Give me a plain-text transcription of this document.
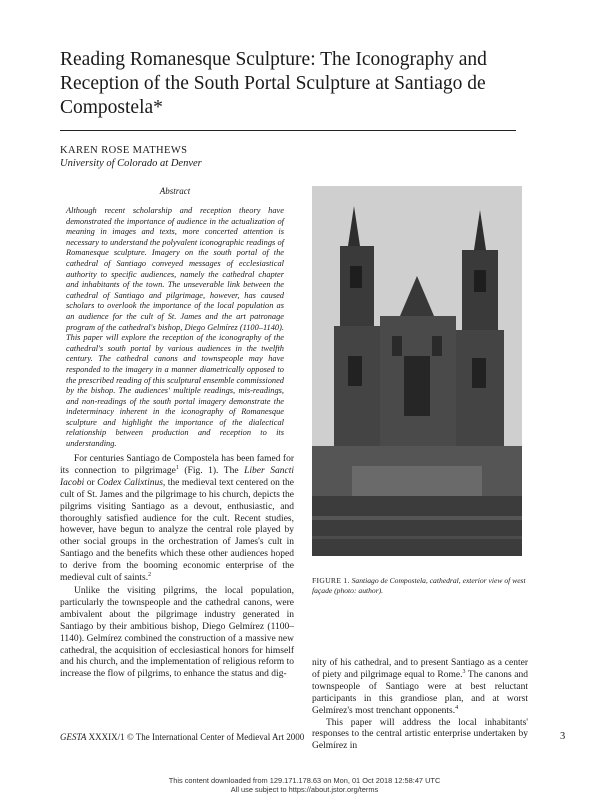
Reading Romanesque Sculpture: The Iconography and Reception of the South Portal Sculpture at Santiago de Compostela*
KAREN ROSE MATHEWS
University of Colorado at Denver
Abstract

Although recent scholarship and reception theory have demonstrated the importance of audience in the actualization of meaning in images and texts, more concerted attention is necessary to understand the polyvalent iconographic readings of Romanesque sculpture. Imagery on the south portal of the cathedral of Santiago conveyed messages of ecclesiastical authority to specific audiences, namely the cathedral chapter and inhabitants of the town. The unseverable link between the cathedral of Santiago and pilgrimage, however, has caused scholars to overlook the importance of the local population as an audience for the cult of St. James and the art patronage program of the cathedral's bishop, Diego Gelmírez (1100–1140). This paper will explore the reception of the iconography of the cathedral's south portal by various audiences in the twelfth century. The cathedral canons and townspeople may have responded to the imagery in a manner diametrically opposed to the prescribed reading of this sculptural ensemble commissioned by the bishop. The audiences' multiple readings, mis-readings, and non-readings of the south portal imagery demonstrate the indeterminacy inherent in the iconography of Romanesque sculpture and highlight the importance of the dialectical relationship between production and reception to its understanding.

For centuries Santiago de Compostela has been famed for its connection to pilgrimage$^1$ (Fig. 1). The Liber Sancti Iacobi or Codex Calixtinus, the medieval text centered on the cult of St. James and the pilgrimage to his church, depicts the pilgrims visiting Santiago as a devout, enthusiastic, and thoroughly satisfied audience for the cult. Recent studies, however, have begun to analyze the central role played by other social groups in the orchestration of James's cult in Santiago and the benefits which these other audiences hoped to derive from the booming economic enterprise of the medieval cult of saints.$^2$

Unlike the visiting pilgrims, the local population, particularly the townspeople and the cathedral canons, were ambivalent about the pilgrimage industry generated in Santiago by their ambitious bishop, Diego Gelmírez (1100–1140). Gelmírez combined the construction of a massive new cathedral, the acquisition of ecclesiastical honors for himself and his church, and the implementation of religious reform to increase the flow of pilgrims, to enhance the status and dig-

FIGURE 1. Santiago de Compostela, cathedral, exterior view of west façade (photo: author).

nity of his cathedral, and to present Santiago as a center of piety and pilgrimage equal to Rome.$^3$ The canons and townspeople of Santiago were at best reluctant participants in this grandiose plan, and at worst Gelmírez's most trenchant opponents.$^4$

This paper will address the local inhabitants' responses to the central artistic enterprise undertaken by Gelmírez in

GESTA XXXIX/1 © The International Center of Medieval Art 2000	3
This content downloaded from 129.171.178.63 on Mon, 01 Oct 2018 12:58:47 UTC
All use subject to https://about.jstor.org/terms
